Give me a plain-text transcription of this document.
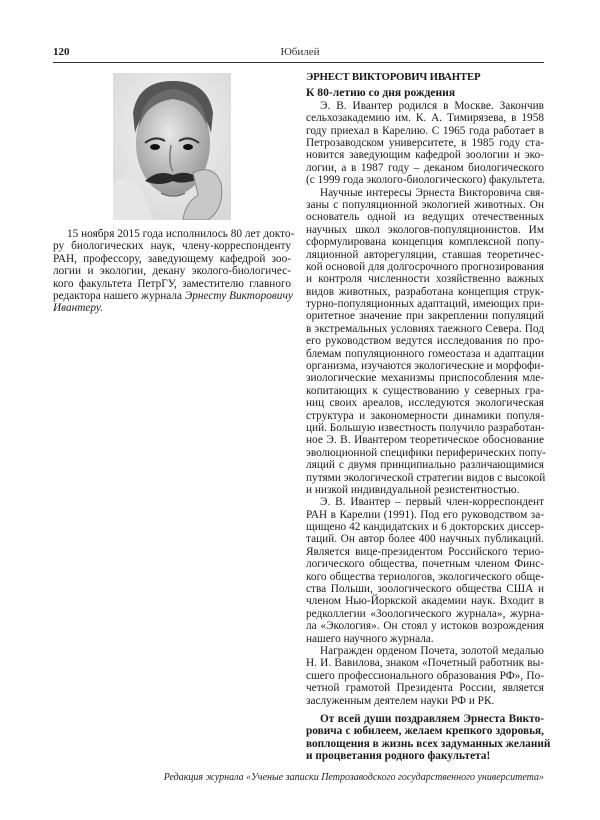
120	Юбилей
15 ноября 2015 года исполнилось 80 лет докто-
ру биологических наук, члену-корреспонденту
РАН, профессору, заведующему кафедрой зоо-
логии и экологии, декану эколого-биологичес-
кого факультета ПетрГУ, заместителю главного
редактора нашего журнала Эрнесту Викторовичу
Ивантеру.
ЭРНЕСТ ВИКТОРОВИЧ ИВАНТЕР
К 80-летию со дня рождения
Э. В. Ивантер родился в Москве. Закончив
сельхозакадемию им. К. А. Тимирязева, в 1958
году приехал в Карелию. С 1965 года работает в
Петрозаводском университете, в 1985 году ста-
новится заведующим кафедрой зоологии и эко-
логии, а в 1987 году – деканом биологического
(с 1999 года эколого-биологического) факультета.
Научные интересы Эрнеста Викторовича свя-
заны с популяционной экологией животных. Он
основатель одной из ведущих отечественных
научных школ экологов-популяционистов. Им
сформулирована концепция комплексной попу-
ляционной авторегуляции, ставшая теоретичес-
кой основой для долгосрочного прогнозирования
и контроля численности хозяйственно важных
видов животных, разработана концепция струк-
турно-популяционных адаптаций, имеющих при-
оритетное значение при закреплении популяций
в экстремальных условиях таежного Севера. Под
его руководством ведутся исследования по про-
блемам популяционного гомеостаза и адаптации
организма, изучаются экологические и морфофи-
зиологические механизмы приспособления мле-
копитающих к существованию у северных гра-
ниц своих ареалов, исследуются экологическая
структура и закономерности динамики популя-
ций. Большую известность получило разработан-
ное Э. В. Ивантером теоретическое обоснование
эволюционной специфики периферических попу-
ляций с двумя принципиально различающимися
путями экологической стратегии видов с высокой
и низкой индивидуальной резистентностью.
Э. В. Ивантер – первый член-корреспондент
РАН в Карелии (1991). Под его руководством за-
щищено 42 кандидатских и 6 докторских диссер-
таций. Он автор более 400 научных публикаций.
Является вице-президентом Российского терио-
логического общества, почетным членом Финс-
кого общества териологов, экологического обще-
ства Польши, зоологического общества США и
членом Нью-Йоркской академии наук. Входит в
редколлегии «Зоологического журнала», журна-
ла «Экология». Он стоял у истоков возрождения
нашего научного журнала.
Награжден орденом Почета, золотой медалью
Н. И. Вавилова, знаком «Почетный работник вы-
сшего профессионального образования РФ», По-
четной грамотой Президента России, является
заслуженным деятелем науки РФ и РК.
От всей души поздравляем Эрнеста Викто-
ровича с юбилеем, желаем крепкого здоровья,
воплощения в жизнь всех задуманных желаний
и процветания родного факультета!
Редакция журнала «Ученые записки Петрозаводского государственного университета»
